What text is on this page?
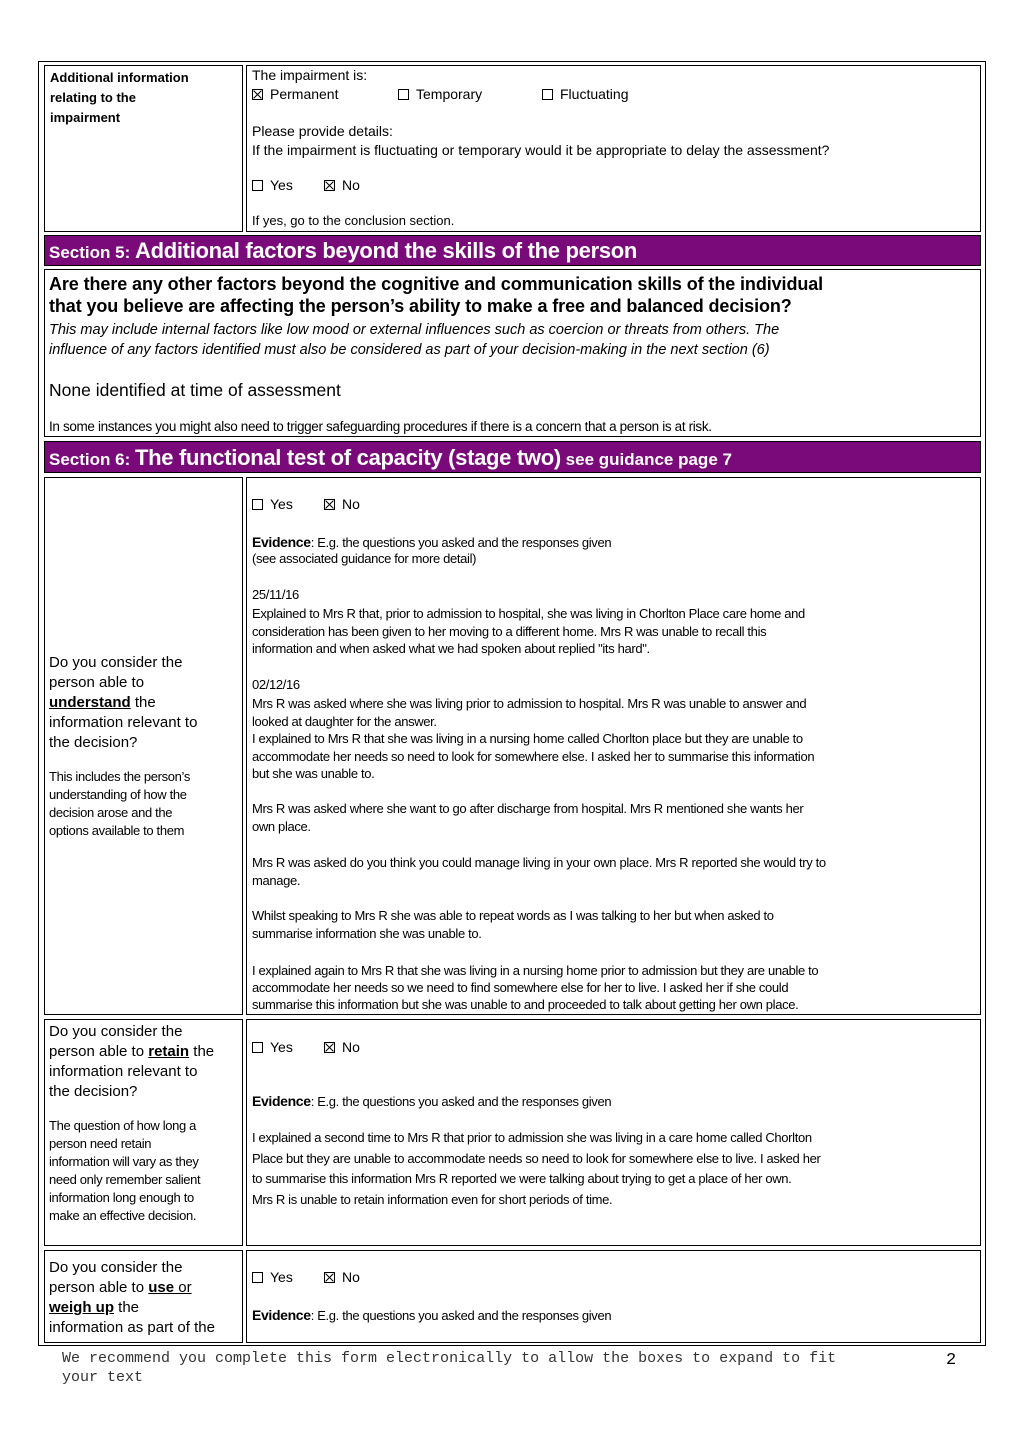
Additional information
relating to the
impairment
The impairment is:
Permanent	Temporary	Fluctuating
Please provide details:
If the impairment is fluctuating or temporary would it be appropriate to delay the assessment?
Yes	No
If yes, go to the conclusion section.
Section 5: Additional factors beyond the skills of the person
Are there any other factors beyond the cognitive and communication skills of the individual
that you believe are affecting the person’s ability to make a free and balanced decision?
This may include internal factors like low mood or external influences such as coercion or threats from others. The
influence of any factors identified must also be considered as part of your decision-making in the next section (6)
None identified at time of assessment
In some instances you might also need to trigger safeguarding procedures if there is a concern that a person is at risk.
Section 6: The functional test of capacity (stage two) see guidance page 7
Do you consider the
person able to
understand the
information relevant to
the decision?
This includes the person’s
understanding of how the
decision arose and the
options available to them
Yes	No
Evidence: E.g. the questions you asked and the responses given
(see associated guidance for more detail)
25/11/16
Explained to Mrs R that, prior to admission to hospital, she was living in Chorlton Place care home and
consideration has been given to her moving to a different home. Mrs R was unable to recall this
information and when asked what we had spoken about replied "its hard".
02/12/16
Mrs R was asked where she was living prior to admission to hospital. Mrs R was unable to answer and
looked at daughter for the answer.
I explained to Mrs R that she was living in a nursing home called Chorlton place but they are unable to
accommodate her needs so need to look for somewhere else. I asked her to summarise this information
but she was unable to.
Mrs R was asked where she want to go after discharge from hospital. Mrs R mentioned she wants her
own place.
Mrs R was asked do you think you could manage living in your own place. Mrs R reported she would try to
manage.
Whilst speaking to Mrs R she was able to repeat words as I was talking to her but when asked to
summarise information she was unable to.
I explained again to Mrs R that she was living in a nursing home prior to admission but they are unable to
accommodate her needs so we need to find somewhere else for her to live. I asked her if she could
summarise this information but she was unable to and proceeded to talk about getting her own place.
Do you consider the
person able to retain the
information relevant to
the decision?
The question of how long a
person need retain
information will vary as they
need only remember salient
information long enough to
make an effective decision.
Yes	No
Evidence: E.g. the questions you asked and the responses given
I explained a second time to Mrs R that prior to admission she was living in a care home called Chorlton
Place but they are unable to accommodate needs so need to look for somewhere else to live. I asked her
to summarise this information Mrs R reported we were talking about trying to get a place of her own.
Mrs R is unable to retain information even for short periods of time.
Do you consider the
person able to use or
weigh up the
information as part of the
Yes	No
Evidence: E.g. the questions you asked and the responses given
We recommend you complete this form electronically to allow the boxes to expand to fit
your text
2
